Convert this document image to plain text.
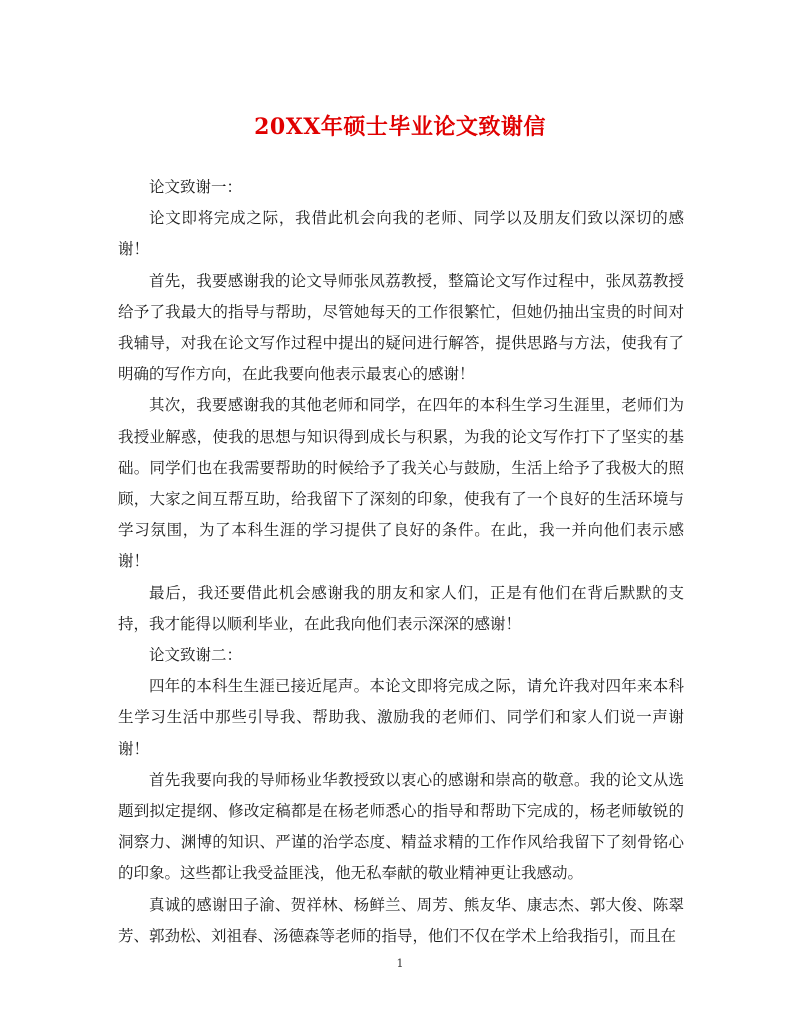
20XX年硕士毕业论文致谢信

论文致谢一：

论文即将完成之际，我借此机会向我的老师、同学以及朋友们致以深切的感谢！

首先，我要感谢我的论文导师张凤荔教授，整篇论文写作过程中，张凤荔教授给予了我最大的指导与帮助，尽管她每天的工作很繁忙，但她仍抽出宝贵的时间对我辅导，对我在论文写作过程中提出的疑问进行解答，提供思路与方法，使我有了明确的写作方向，在此我要向他表示最衷心的感谢！

其次，我要感谢我的其他老师和同学，在四年的本科生学习生涯里，老师们为我授业解惑，使我的思想与知识得到成长与积累，为我的论文写作打下了坚实的基础。同学们也在我需要帮助的时候给予了我关心与鼓励，生活上给予了我极大的照顾，大家之间互帮互助，给我留下了深刻的印象，使我有了一个良好的生活环境与学习氛围，为了本科生涯的学习提供了良好的条件。在此，我一并向他们表示感谢！

最后，我还要借此机会感谢我的朋友和家人们，正是有他们在背后默默的支持，我才能得以顺利毕业，在此我向他们表示深深的感谢！

论文致谢二：

四年的本科生生涯已接近尾声。本论文即将完成之际，请允许我对四年来本科生学习生活中那些引导我、帮助我、激励我的老师们、同学们和家人们说一声谢谢！

首先我要向我的导师杨业华教授致以衷心的感谢和崇高的敬意。我的论文从选题到拟定提纲、修改定稿都是在杨老师悉心的指导和帮助下完成的，杨老师敏锐的洞察力、渊博的知识、严谨的治学态度、精益求精的工作作风给我留下了刻骨铭心的印象。这些都让我受益匪浅，他无私奉献的敬业精神更让我感动。

真诚的感谢田子渝、贺祥林、杨鲜兰、周芳、熊友华、康志杰、郭大俊、陈翠芳、郭劲松、刘祖春、汤德森等老师的指导，他们不仅在学术上给我指引，而且在

1
